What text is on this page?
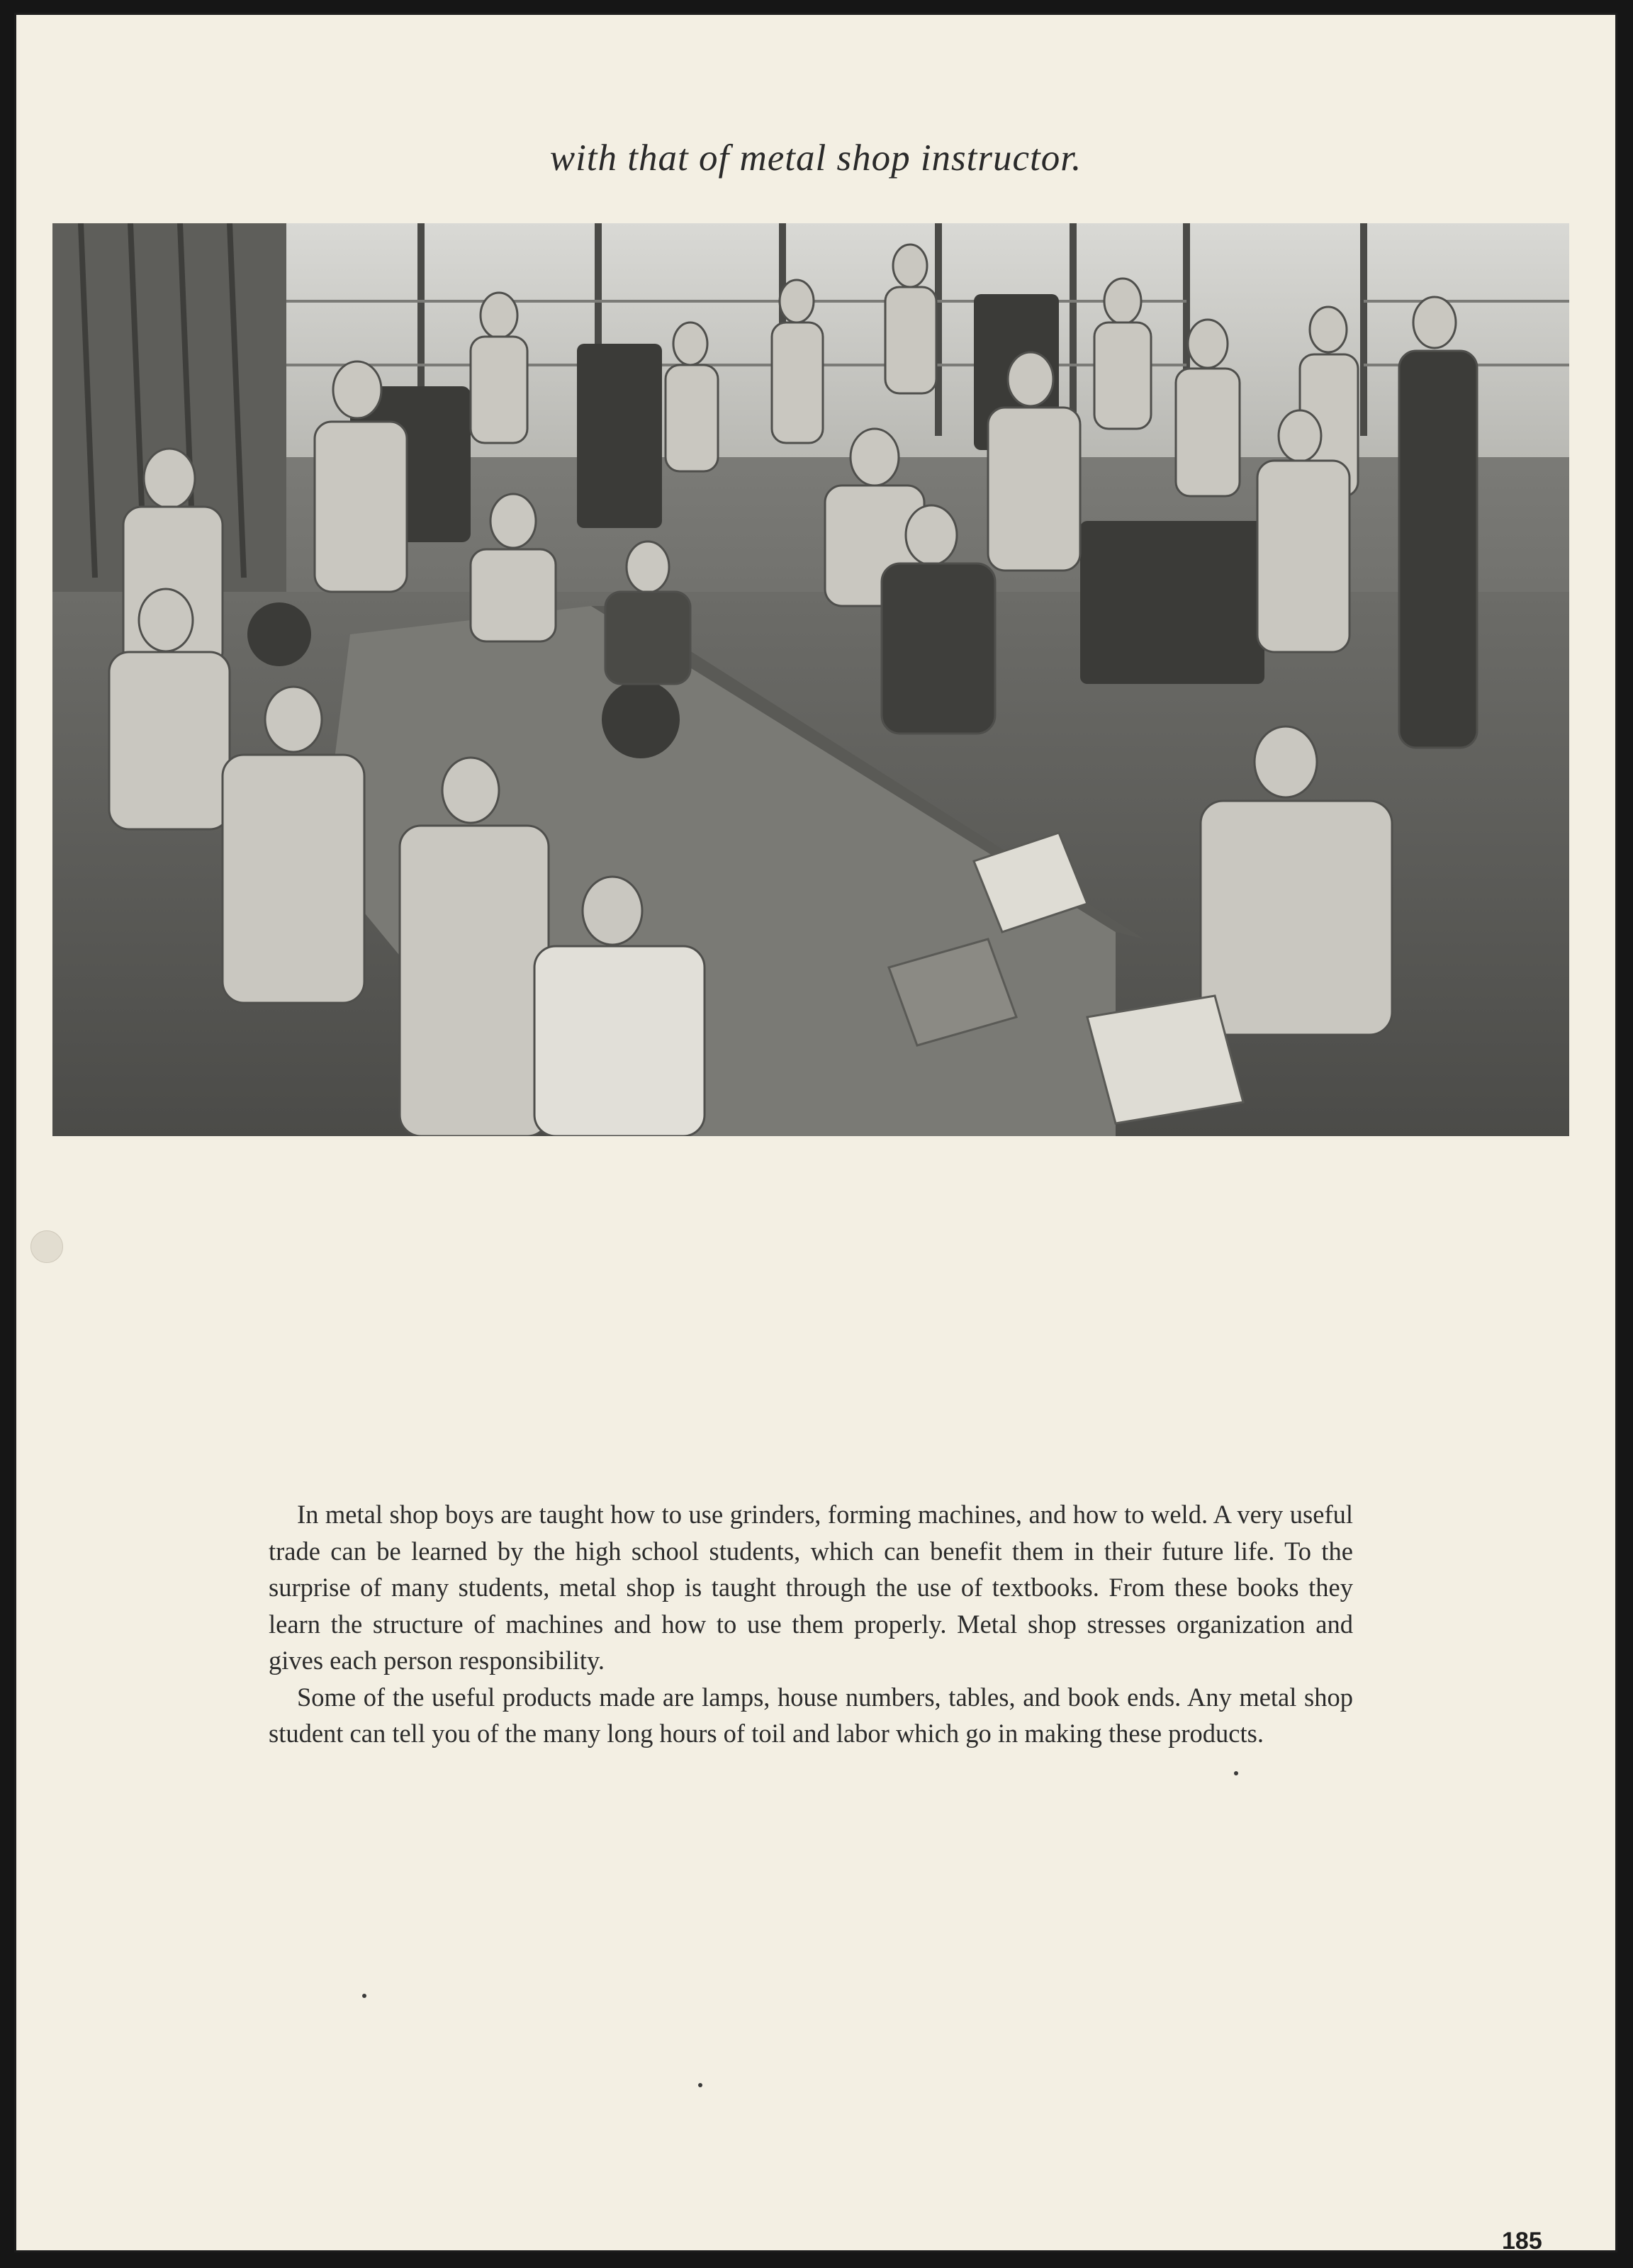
with that of metal shop instructor.

In metal shop boys are taught how to use grinders, forming machines, and how to weld. A very useful trade can be learned by the high school students, which can benefit them in their future life. To the surprise of many students, metal shop is taught through the use of textbooks. From these books they learn the structure of machines and how to use them properly. Metal shop stresses organization and gives each person responsibility.

Some of the useful products made are lamps, house numbers, tables, and book ends. Any metal shop student can tell you of the many long hours of toil and labor which go in making these products.

185
